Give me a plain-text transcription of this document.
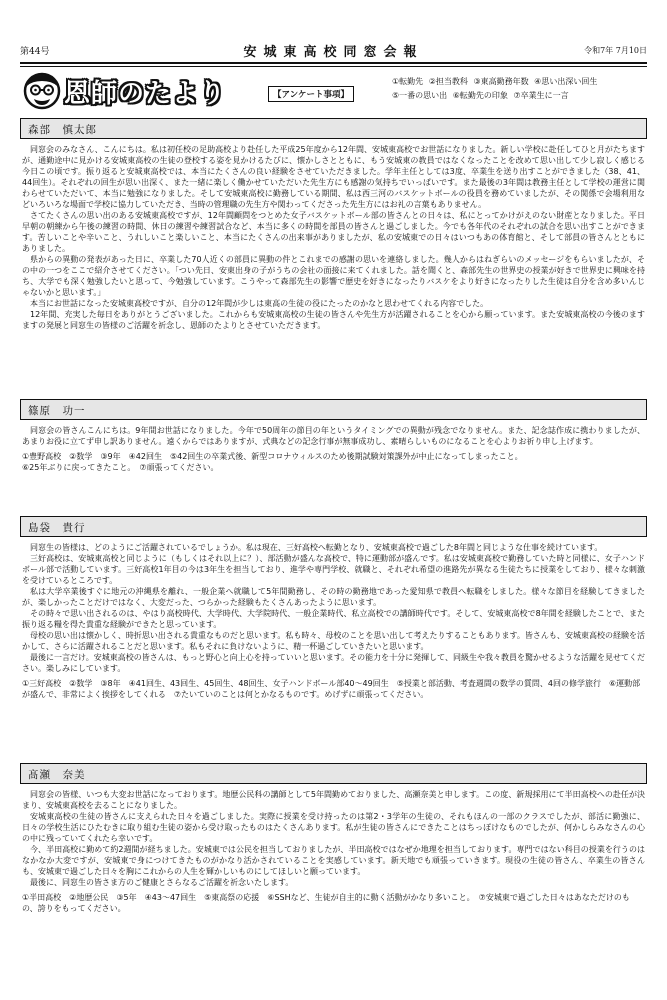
第44号	安城東高校同窓会報	令和7年 7月10日
恩師のたより	【アンケート事項】
①転勤先 ②担当教科 ③東高勤務年数 ④思い出深い回生
⑤一番の思い出 ⑥転勤先の印象 ⑦卒業生に一言
森部　慎太郎

同窓会のみなさん、こんにちは。私は初任校の足助高校より赴任した平成25年度から12年間、安城東高校でお世話になりました。新しい学校に赴任してひと月がたちますが、通勤途中に見かける安城東高校の生徒の登校する姿を見かけるたびに、懐かしさとともに、もう安城東の教員ではなくなったことを改めて思い出して少し寂しく感じる今日この頃です。振り返ると安城東高校では、本当にたくさんの良い経験をさせていただきました。学年主任としては3度、卒業生を送り出すことができました（38、41、44回生）。それぞれの回生が思い出深く、また一緒に楽しく働かせていただいた先生方にも感謝の気持ちでいっぱいです。また最後の3年間は教務主任として学校の運営に関わらせていただいて、本当に勉強になりました。そして安城東高校に勤務している期間、私は西三河のバスケットボールの役員を務めていましたが、その関係で会場利用などいろいろな場面で学校に協力していただき、当時の管理職の先生方や関わってくださった先生方にはお礼の言葉もありません。

さてたくさんの思い出のある安城東高校ですが、12年間顧問をつとめた女子バスケットボール部の皆さんとの日々は、私にとってかけがえのない財産となりました。平日早朝の朝練から午後の練習の時間、休日の練習や練習試合など、本当に多くの時間を部員の皆さんと過ごしました。今でも各年代のそれぞれの試合を思い出すことができます。苦しいことや辛いこと、うれしいこと楽しいこと、本当にたくさんの出来事がありましたが、私の安城東での日々はいつもあの体育館と、そして部員の皆さんとともにありました。

県からの異動の発表があった日に、卒業した70人近くの部員に異動の件とこれまでの感謝の思いを連絡しました。幾人からはねぎらいのメッセージをもらいましたが、その中の一つをここで紹介させてください。「つい先日、安東出身の子がうちの会社の面接に来てくれました。話を聞くと、森部先生の世界史の授業が好きで世界史に興味を持ち、大学でも深く勉強したいと思って、今勉強しています。こうやって森部先生の影響で歴史を好きになったりバスケをより好きになったりした生徒は自分を含め多いんじゃないかと思います。」

本当にお世話になった安城東高校ですが、自分の12年間が少しは東高の生徒の役にたったのかなと思わせてくれる内容でした。

12年間、充実した毎日をありがとうございました。これからも安城東高校の生徒の皆さんや先生方が活躍されることを心から願っています。また安城東高校の今後のますますの発展と同窓生の皆様のご活躍を祈念し、恩師のたよりとさせていただきます。

篠原　功一

同窓会の皆さんこんにちは。9年間お世話になりました。今年で50周年の節目の年というタイミングでの異動が残念でなりません。また、記念誌作成に携わりましたが、あまりお役に立てず申し訳ありません。遠くからではありますが、式典などの記念行事が無事成功し、素晴らしいものになることを心よりお祈り申し上げます。

①豊野高校　②数学　③9年　④42回生　⑤42回生の卒業式後、新型コロナウィルスのため後期試験対策課外が中止になってしまったこと。
⑥25年ぶりに戻ってきたこと。　⑦頑張ってください。
島袋　貴行

同窓生の皆様は、どのようにご活躍されているでしょうか。私は現在、三好高校へ転勤となり、安城東高校で過ごした8年間と同じような仕事を続けています。

三好高校は、安城東高校と同じように（もしくはそれ以上に？）、部活動が盛んな高校で、特に運動部が盛んです。私は安城東高校で勤務していた時と同様に、女子ハンドボール部で活動しています。三好高校1年目の今は3年生を担当しており、進学や専門学校、就職と、それぞれ希望の進路先が異なる生徒たちに授業をしており、様々な刺激を受けているところです。

私は大学卒業後すぐに地元の沖縄県を離れ、一般企業へ就職して5年間勤務し、その時の勤務地であった愛知県で教員へ転職をしました。様々な節目を経験してきましたが、楽しかったことだけではなく、大変だった、つらかった経験もたくさんあったように思います。

その時々で思い出されるのは、やはり高校時代、大学時代、大学院時代、一般企業時代、私立高校での講師時代です。そして、安城東高校で8年間を経験したことで、また振り返る糧を得た貴重な経験ができたと思っています。

母校の思い出は懐かしく、時折思い出される貴重なものだと思います。私も時々、母校のことを思い出して考えたりすることもあります。皆さんも、安城東高校の経験を活かして、さらに活躍されることだと思います。私もそれに負けないように、精一杯過ごしていきたいと思います。

最後に一言だけ。安城東高校の皆さんは、もっと野心と向上心を持っていいと思います。その能力を十分に発揮して、同級生や我々教員を驚かせるような活躍を見せてください。楽しみにしています。

①三好高校　②数学　③8年　④41回生、43回生、45回生、48回生、女子ハンドボール部40～49回生　⑤授業と部活動、考査週間の数学の質問、4回の修学旅行　⑥運動部が盛んで、非常によく挨拶をしてくれる　⑦たいていのことは何とかなるものです。めげずに頑張ってください。
髙瀬　奈美

同窓会の皆様、いつも大変お世話になっております。地歴公民科の講師として5年間勤めておりました、高瀬奈美と申します。この度、新規採用にて半田高校への赴任が決まり、安城東高校を去ることになりました。

安城東高校の生徒の皆さんに支えられた日々を過ごしました。実際に授業を受け持ったのは第2・3学年の生徒の、それもほんの一部のクラスでしたが、部活に勤強に、日々の学校生活にひたむきに取り組む生徒の姿から受け取ったものはたくさんあります。私が生徒の皆さんにできたことはちっぽけなものでしたが、何かしらみなさんの心の中に残っていてくれたら幸いです。

今、半田高校に勤めて約2週間が経ちました。安城東では公民を担当しておりましたが、半田高校ではなぜか地理を担当しております。専門ではない科目の授業を行うのはなかなか大変ですが、安城東で身につけてきたものがかなり活かされていることを実感しています。新天地でも頑張っていきます。現役の生徒の皆さん、卒業生の皆さんも、安城東で過ごした日々を胸にこれからの人生を輝かしいものにしてほしいと願っています。

最後に、同窓生の皆さま方のご健康とさらなるご活躍を祈念いたします。

①半田高校　②地歴公民　③5年　④43～47回生　⑤東高祭の応援　⑥SSHなど、生徒が自主的に動く活動がかなり多いこと。　⑦安城東で過ごした日々はあなただけのもの、誇りをもってください。
